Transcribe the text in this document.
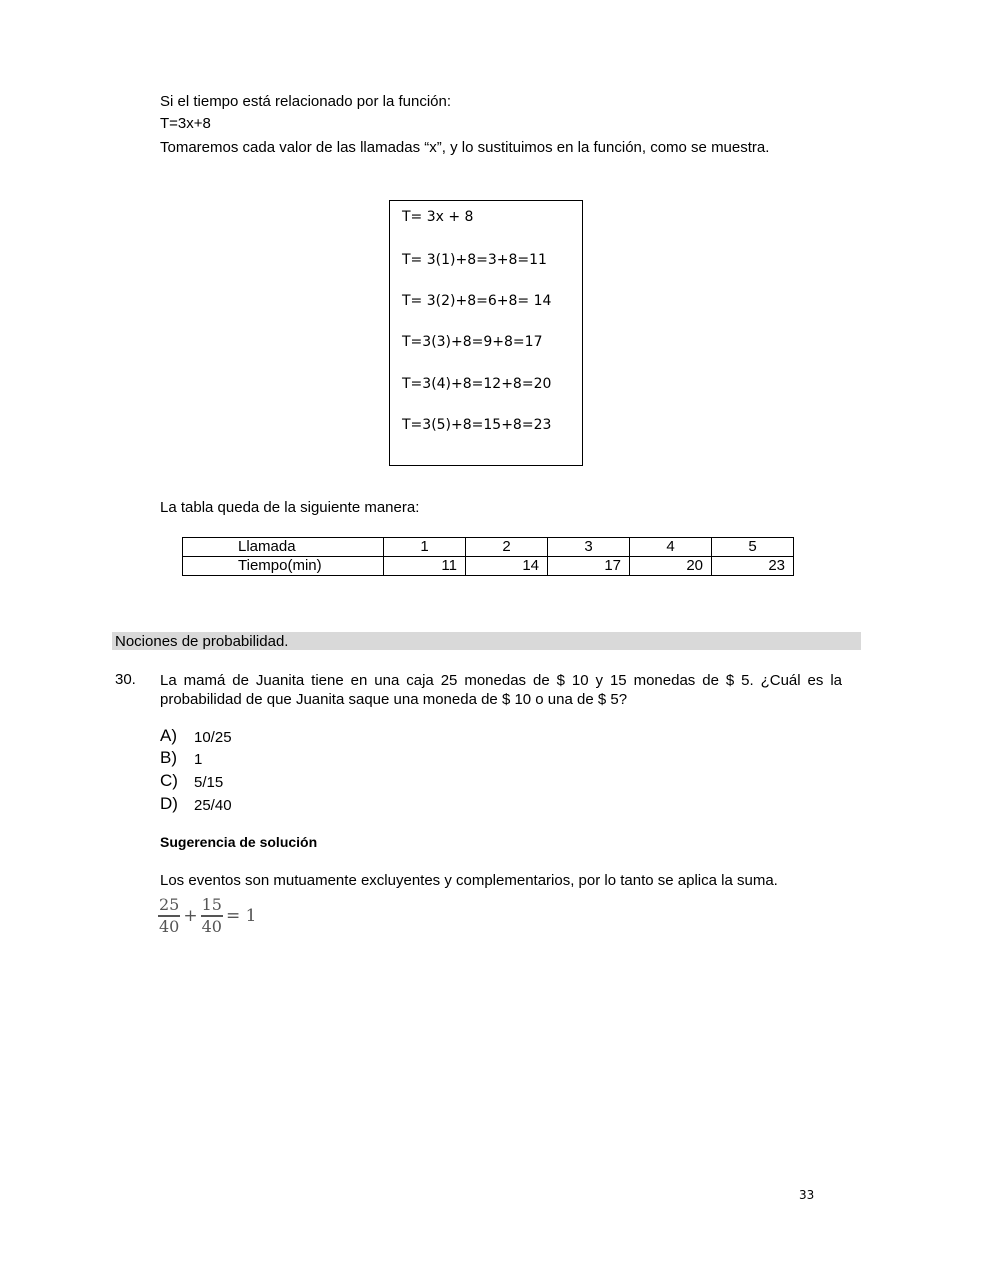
Si el tiempo está relacionado por la función:
T=3x+8
Tomaremos cada valor de las llamadas “x”, y lo sustituimos en la función, como se muestra.
T= 3x + 8
T= 3(1)+8=3+8=11
T= 3(2)+8=6+8= 14
T=3(3)+8=9+8=17
T=3(4)+8=12+8=20
T=3(5)+8=15+8=23
La tabla queda de la siguiente manera:
Llamada	1	2	3	4	5
Tiempo(min)	11	14	17	20	23
Nociones de probabilidad.
30. La mamá de Juanita tiene en una caja 25 monedas de $ 10 y 15 monedas de $ 5. ¿Cuál es la probabilidad de que Juanita saque una moneda de $ 10 o una de $ 5?
A) 10/25
B) 1
C) 5/15
D) 25/40
Sugerencia de solución
Los eventos son mutuamente excluyentes y complementarios, por lo tanto se aplica la suma.
$\frac{25}{40} + \frac{15}{40} = 1$
33
